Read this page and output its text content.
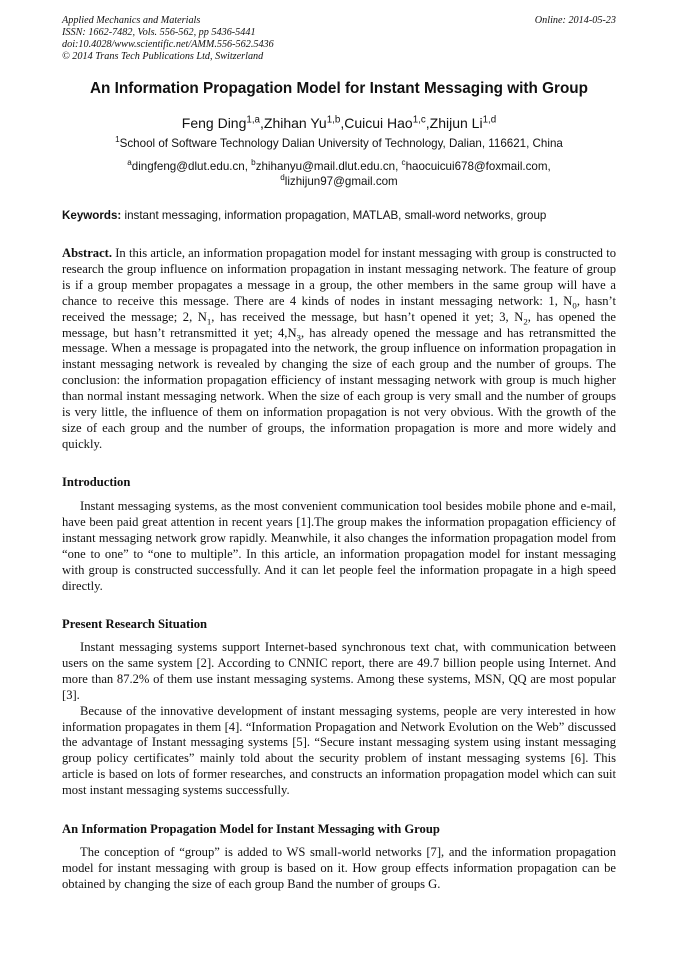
Applied Mechanics and Materials
ISSN: 1662-7482, Vols. 556-562, pp 5436-5441
doi:10.4028/www.scientific.net/AMM.556-562.5436
© 2014 Trans Tech Publications Ltd, Switzerland
Online: 2014-05-23
An Information Propagation Model for Instant Messaging with Group
Feng Ding$^{1,a}$,Zhihan Yu$^{1,b}$,Cuicui Hao$^{1,c}$,Zhijun Li$^{1,d}$
$^1$School of Software Technology Dalian University of Technology, Dalian, 116621, China
$^a$dingfeng@dlut.edu.cn, $^b$zhihanyu@mail.dlut.edu.cn, $^c$haocuicui678@foxmail.com,
$^d$lizhijun97@gmail.com
Keywords: instant messaging, information propagation, MATLAB, small-word networks, group
Abstract. In this article, an information propagation model for instant messaging with group is constructed to research the group influence on information propagation in instant messaging network. The feature of group is if a group member propagates a message in a group, the other members in the same group will have a chance to receive this message. There are 4 kinds of nodes in instant messaging network: 1, $N_0$, hasn’t received the message; 2, $N_1$, has received the message, but hasn’t opened it yet; 3, $N_2$, has opened the message, but hasn’t retransmitted it yet; $4,N_3$, has already opened the message and has retransmitted the message. When a message is propagated into the network, the group influence on information propagation in instant messaging network is revealed by changing the size of each group and the number of groups. The conclusion: the information propagation efficiency of instant messaging network with group is much higher than normal instant messaging network. When the size of each group is very small and the number of groups is very little, the influence of them on information propagation is not very obvious. With the growth of the size of each group and the number of groups, the information propagation is more and more widely and quickly.
Introduction

Instant messaging systems, as the most convenient communication tool besides mobile phone and e-mail, have been paid great attention in recent years [1].The group makes the information propagation efficiency of instant messaging network grow rapidly. Meanwhile, it also changes the information propagation model from “one to one” to “one to multiple”. In this article, an information propagation model for instant messaging with group is constructed successfully. And it can let people feel the information propagate in a high speed directly.

Present Research Situation

Instant messaging systems support Internet-based synchronous text chat, with communication between users on the same system [2]. According to CNNIC report, there are 49.7 billion people using Internet. And more than 87.2% of them use instant messaging systems. Among these systems, MSN, QQ are most popular [3].

Because of the innovative development of instant messaging systems, people are very interested in how information propagates in them [4]. “Information Propagation and Network Evolution on the Web” discussed the advantage of Instant messaging systems [5]. “Secure instant messaging system using instant messaging group policy certificates” mainly told about the security problem of instant messaging systems [6]. This article is based on lots of former researches, and constructs an information propagation model which can suit most instant messaging systems successfully.

An Information Propagation Model for Instant Messaging with Group

The conception of “group” is added to WS small-world networks [7], and the information propagation model for instant messaging with group is based on it. How group effects information propagation can be obtained by changing the size of each group Band the number of groups G.
